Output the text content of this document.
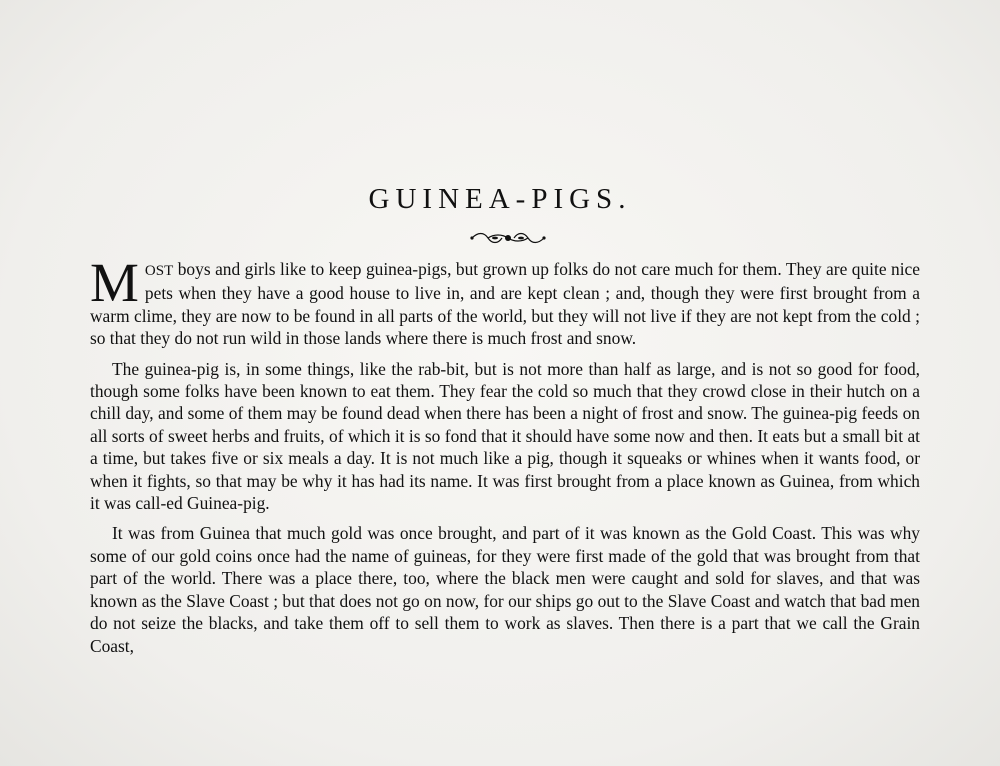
GUINEA-PIGS.

MOST boys and girls like to keep guinea-pigs, but grown up folks do not care much for them. They are quite nice pets when they have a good house to live in, and are kept clean ; and, though they were first brought from a warm clime, they are now to be found in all parts of the world, but they will not live if they are not kept from the cold ; so that they do not run wild in those lands where there is much frost and snow.

The guinea-pig is, in some things, like the rab-bit, but is not more than half as large, and is not so good for food, though some folks have been known to eat them. They fear the cold so much that they crowd close in their hutch on a chill day, and some of them may be found dead when there has been a night of frost and snow. The guinea-pig feeds on all sorts of sweet herbs and fruits, of which it is so fond that it should have some now and then. It eats but a small bit at a time, but takes five or six meals a day. It is not much like a pig, though it squeaks or whines when it wants food, or when it fights, so that may be why it has had its name. It was first brought from a place known as Guinea, from which it was call-ed Guinea-pig.

It was from Guinea that much gold was once brought, and part of it was known as the Gold Coast. This was why some of our gold coins once had the name of guineas, for they were first made of the gold that was brought from that part of the world. There was a place there, too, where the black men were caught and sold for slaves, and that was known as the Slave Coast ; but that does not go on now, for our ships go out to the Slave Coast and watch that bad men do not seize the blacks, and take them off to sell them to work as slaves. Then there is a part that we call the Grain Coast,
